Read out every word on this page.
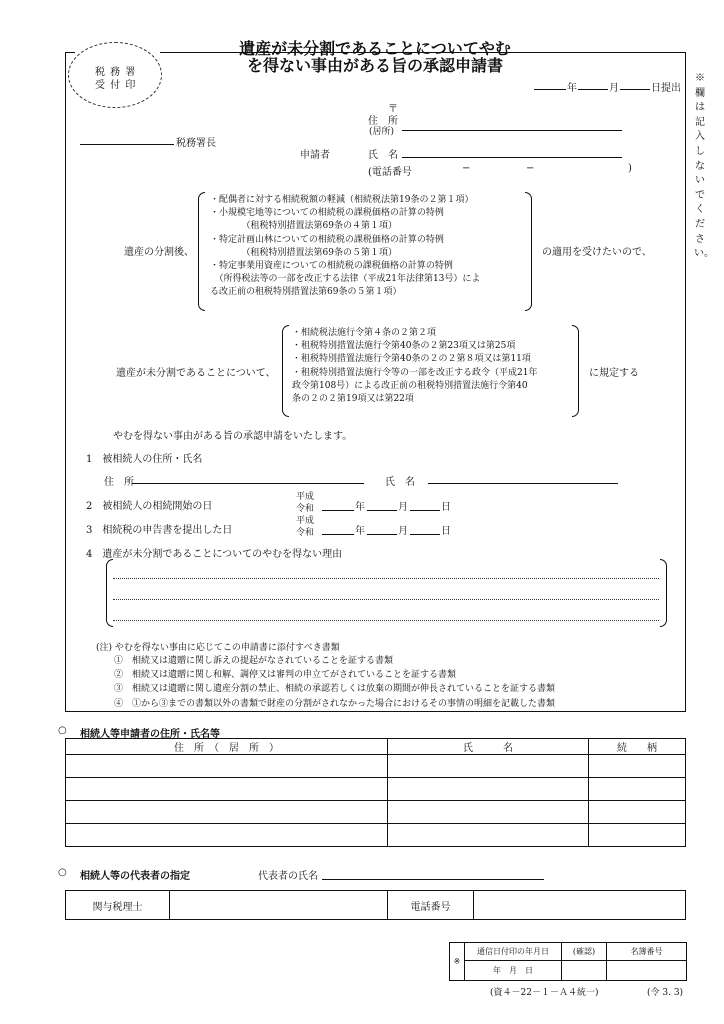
税 務 署
受 付 印
遺産が未分割であることについてやむ
を得ない事由がある旨の承認申請書
年	月	日提出
※欄は記入しないでください。
〒
住　所
(居所)
税務署長
申請者	氏　名
(電話番号	−	−	)
遺産の分割後、
・配偶者に対する相続税額の軽減（相続税法第19条の２第１項）
・小規模宅地等についての相続税の課税価格の計算の特例
　　　　（租税特別措置法第69条の４第１項）
・特定計画山林についての相続税の課税価格の計算の特例
　　　　（租税特別措置法第69条の５第１項）
・特定事業用資産についての相続税の課税価格の計算の特例
　（所得税法等の一部を改正する法律（平成21年法律第13号）によ
る改正前の租税特別措置法第69条の５第１項）
の適用を受けたいので、
遺産が未分割であることについて、
・相続税法施行令第４条の２第２項
・租税特別措置法施行令第40条の２第23項又は第25項
・租税特別措置法施行令第40条の２の２第８項又は第11項
・租税特別措置法施行令等の一部を改正する政令（平成21年
政令第108号）による改正前の租税特別措置法施行令第40
条の２の２第19項又は第22項
に規定する
やむを得ない事由がある旨の承認申請をいたします。
1　被相続人の住所・氏名
住　所	氏　名
2　被相続人の相続開始の日
平成
令和	年	月	日
3　相続税の申告書を提出した日
平成
令和	年	月	日
4　遺産が未分割であることについてのやむを得ない理由
(注) やむを得ない事由に応じてこの申請書に添付すべき書類
①　相続又は遺贈に関し訴えの提起がなされていることを証する書類
②　相続又は遺贈に関し和解、調停又は審判の申立てがされていることを証する書類
③　相続又は遺贈に関し遺産分割の禁止、相続の承認若しくは放棄の期間が伸長されていることを証する書類
④　①から③までの書類以外の書類で財産の分割がされなかった場合におけるその事情の明細を記載した書類
○ 相続人等申請者の住所・氏名等
住　所　（　居　所　）	氏　　　名	続　　柄

○ 相続人等の代表者の指定	代表者の氏名
関与税理士		電話番号	
※	通信日付印の年月日	(確認)	名簿番号
	年　月　日		
(資４－22－１－Ａ４統一)	(令 3. 3)
